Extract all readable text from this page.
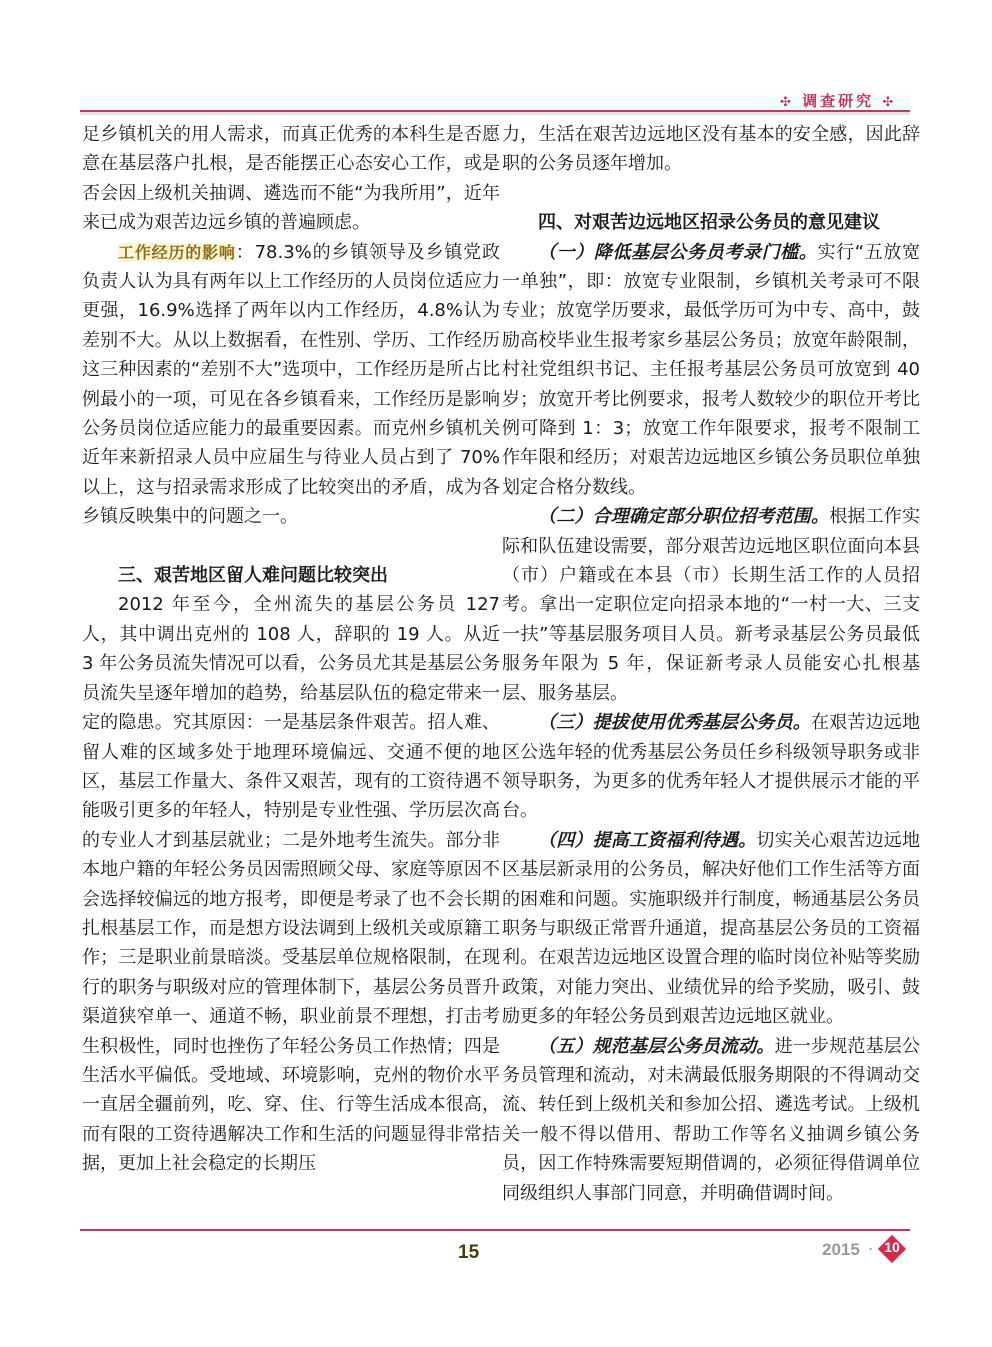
✣ 调查研究 ✣

足乡镇机关的用人需求，而真正优秀的本科生是否愿意在基层落户扎根，是否能摆正心态安心工作，或是否会因上级机关抽调、遴选而不能“为我所用”，近年来已成为艰苦边远乡镇的普遍顾虑。

工作经历的影响：78.3%的乡镇领导及乡镇党政负责人认为具有两年以上工作经历的人员岗位适应力更强，16.9%选择了两年以内工作经历，4.8%认为差别不大。从以上数据看，在性别、学历、工作经历这三种因素的“差别不大”选项中，工作经历是所占比例最小的一项，可见在各乡镇看来，工作经历是影响公务员岗位适应能力的最重要因素。而克州乡镇机关近年来新招录人员中应届生与待业人员占到了 70%以上，这与招录需求形成了比较突出的矛盾，成为各乡镇反映集中的问题之一。

三、艰苦地区留人难问题比较突出

2012 年至今，全州流失的基层公务员 127 人，其中调出克州的 108 人，辞职的 19 人。从近 3 年公务员流失情况可以看，公务员尤其是基层公务员流失呈逐年增加的趋势，给基层队伍的稳定带来一定的隐患。究其原因：一是基层条件艰苦。招人难、留人难的区域多处于地理环境偏远、交通不便的地区，基层工作量大、条件又艰苦，现有的工资待遇不能吸引更多的年轻人，特别是专业性强、学历层次高的专业人才到基层就业；二是外地考生流失。部分非本地户籍的年轻公务员因需照顾父母、家庭等原因不会选择较偏远的地方报考，即便是考录了也不会长期扎根基层工作，而是想方设法调到上级机关或原籍工作；三是职业前景暗淡。受基层单位规格限制，在现行的职务与职级对应的管理体制下，基层公务员晋升渠道狭窄单一、通道不畅，职业前景不理想，打击考生积极性，同时也挫伤了年轻公务员工作热情；四是生活水平偏低。受地域、环境影响，克州的物价水平一直居全疆前列，吃、穿、住、行等生活成本很高，而有限的工资待遇解决工作和生活的问题显得非常拮据，更加上社会稳定的长期压

力，生活在艰苦边远地区没有基本的安全感，因此辞职的公务员逐年增加。

四、对艰苦边远地区招录公务员的意见建议

（一）降低基层公务员考录门槛。实行“五放宽一单独”，即：放宽专业限制，乡镇机关考录可不限专业；放宽学历要求，最低学历可为中专、高中，鼓励高校毕业生报考家乡基层公务员；放宽年龄限制，村社党组织书记、主任报考基层公务员可放宽到 40 岁；放宽开考比例要求，报考人数较少的职位开考比例可降到 1：3；放宽工作年限要求，报考不限制工作年限和经历；对艰苦边远地区乡镇公务员职位单独划定合格分数线。

（二）合理确定部分职位招考范围。根据工作实际和队伍建设需要，部分艰苦边远地区职位面向本县（市）户籍或在本县（市）长期生活工作的人员招考。拿出一定职位定向招录本地的“一村一大、三支一扶”等基层服务项目人员。新考录基层公务员最低服务年限为 5 年，保证新考录人员能安心扎根基层、服务基层。

（三）提拔使用优秀基层公务员。在艰苦边远地区公选年轻的优秀基层公务员任乡科级领导职务或非领导职务，为更多的优秀年轻人才提供展示才能的平台。

（四）提高工资福利待遇。切实关心艰苦边远地区基层新录用的公务员，解决好他们工作生活等方面的困难和问题。实施职级并行制度，畅通基层公务员职务与职级正常晋升通道，提高基层公务员的工资福利。在艰苦边远地区设置合理的临时岗位补贴等奖励政策，对能力突出、业绩优异的给予奖励，吸引、鼓励更多的年轻公务员到艰苦边远地区就业。

（五）规范基层公务员流动。进一步规范基层公务员管理和流动，对未满最低服务期限的不得调动交流、转任到上级机关和参加公招、遴选考试。上级机关一般不得以借用、帮助工作等名义抽调乡镇公务员，因工作特殊需要短期借调的，必须征得借调单位同级组织人事部门同意，并明确借调时间。

15	2015 · 10
